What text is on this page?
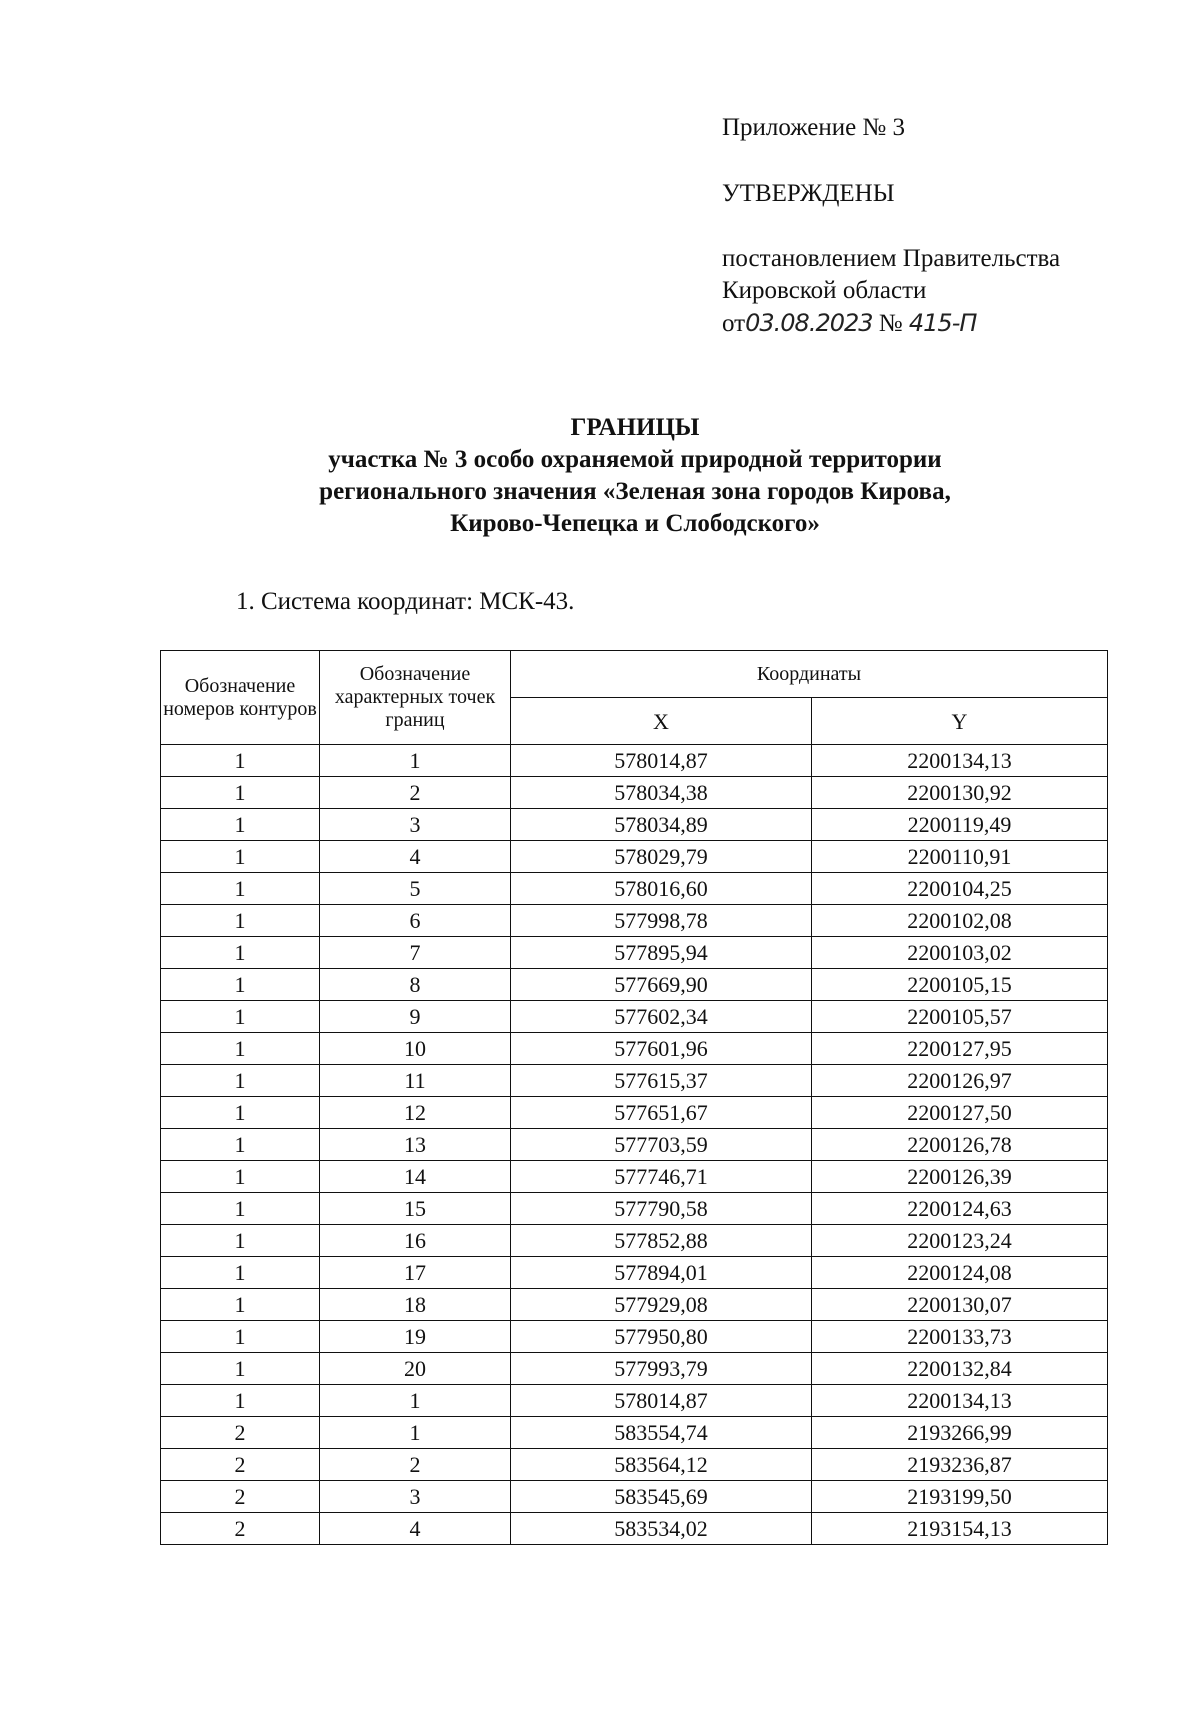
Приложение № 3
УТВЕРЖДЕНЫ
постановлением Правительства
Кировской области
от03.08.2023 № 415-П
ГРАНИЦЫ
участка № 3 особо охраняемой природной территории
регионального значения «Зеленая зона городов Кирова,
Кирово-Чепецка и Слободского»
1. Система координат: МСК-43.
Обозначение номеров контуров	Обозначение характерных точек границ	Координаты	
		X	Y
1	1	578014,87	2200134,13
1	2	578034,38	2200130,92
1	3	578034,89	2200119,49
1	4	578029,79	2200110,91
1	5	578016,60	2200104,25
1	6	577998,78	2200102,08
1	7	577895,94	2200103,02
1	8	577669,90	2200105,15
1	9	577602,34	2200105,57
1	10	577601,96	2200127,95
1	11	577615,37	2200126,97
1	12	577651,67	2200127,50
1	13	577703,59	2200126,78
1	14	577746,71	2200126,39
1	15	577790,58	2200124,63
1	16	577852,88	2200123,24
1	17	577894,01	2200124,08
1	18	577929,08	2200130,07
1	19	577950,80	2200133,73
1	20	577993,79	2200132,84
1	1	578014,87	2200134,13
2	1	583554,74	2193266,99
2	2	583564,12	2193236,87
2	3	583545,69	2193199,50
2	4	583534,02	2193154,13
